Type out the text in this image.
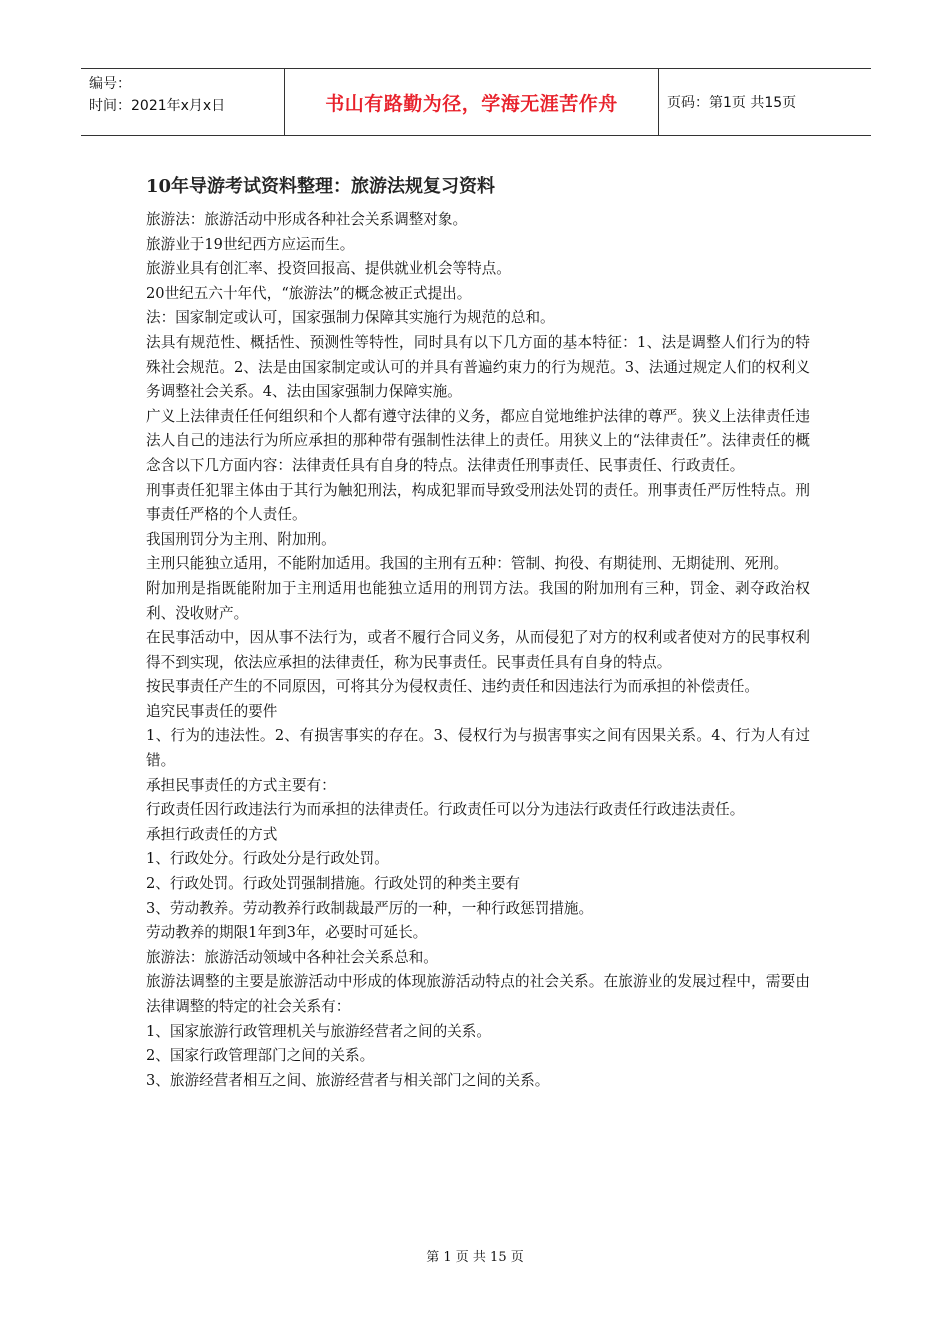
编号：
时间：2021年x月x日	书山有路勤为径，学海无涯苦作舟	页码：第1页 共15页
10年导游考试资料整理：旅游法规复习资料

旅游法：旅游活动中形成各种社会关系调整对象。

旅游业于19世纪西方应运而生。

旅游业具有创汇率、投资回报高、提供就业机会等特点。

20世纪五六十年代，“旅游法”的概念被正式提出。

法：国家制定或认可，国家强制力保障其实施行为规范的总和。

法具有规范性、概括性、预测性等特性，同时具有以下几方面的基本特征：1、法是调整人们行为的特殊社会规范。2、法是由国家制定或认可的并具有普遍约束力的行为规范。3、法通过规定人们的权利义务调整社会关系。4、法由国家强制力保障实施。

广义上法律责任任何组织和个人都有遵守法律的义务，都应自觉地维护法律的尊严。狭义上法律责任违法人自己的违法行为所应承担的那种带有强制性法律上的责任。用狭义上的“法律责任”。法律责任的概念含以下几方面内容：法律责任具有自身的特点。法律责任刑事责任、民事责任、行政责任。

刑事责任犯罪主体由于其行为触犯刑法，构成犯罪而导致受刑法处罚的责任。刑事责任严厉性特点。刑事责任严格的个人责任。

我国刑罚分为主刑、附加刑。

主刑只能独立适用，不能附加适用。我国的主刑有五种：管制、拘役、有期徒刑、无期徒刑、死刑。

附加刑是指既能附加于主刑适用也能独立适用的刑罚方法。我国的附加刑有三种，罚金、剥夺政治权利、没收财产。

在民事活动中，因从事不法行为，或者不履行合同义务，从而侵犯了对方的权利或者使对方的民事权利得不到实现，依法应承担的法律责任，称为民事责任。民事责任具有自身的特点。

按民事责任产生的不同原因，可将其分为侵权责任、违约责任和因违法行为而承担的补偿责任。

追究民事责任的要件

1、行为的违法性。2、有损害事实的存在。3、侵权行为与损害事实之间有因果关系。4、行为人有过错。

承担民事责任的方式主要有：

行政责任因行政违法行为而承担的法律责任。行政责任可以分为违法行政责任行政违法责任。

承担行政责任的方式

1、行政处分。行政处分是行政处罚。

2、行政处罚。行政处罚强制措施。行政处罚的种类主要有

3、劳动教养。劳动教养行政制裁最严厉的一种，一种行政惩罚措施。

劳动教养的期限1年到3年，必要时可延长。

旅游法：旅游活动领域中各种社会关系总和。

旅游法调整的主要是旅游活动中形成的体现旅游活动特点的社会关系。在旅游业的发展过程中，需要由法律调整的特定的社会关系有：

1、国家旅游行政管理机关与旅游经营者之间的关系。

2、国家行政管理部门之间的关系。

3、旅游经营者相互之间、旅游经营者与相关部门之间的关系。

第 1 页 共 15 页
